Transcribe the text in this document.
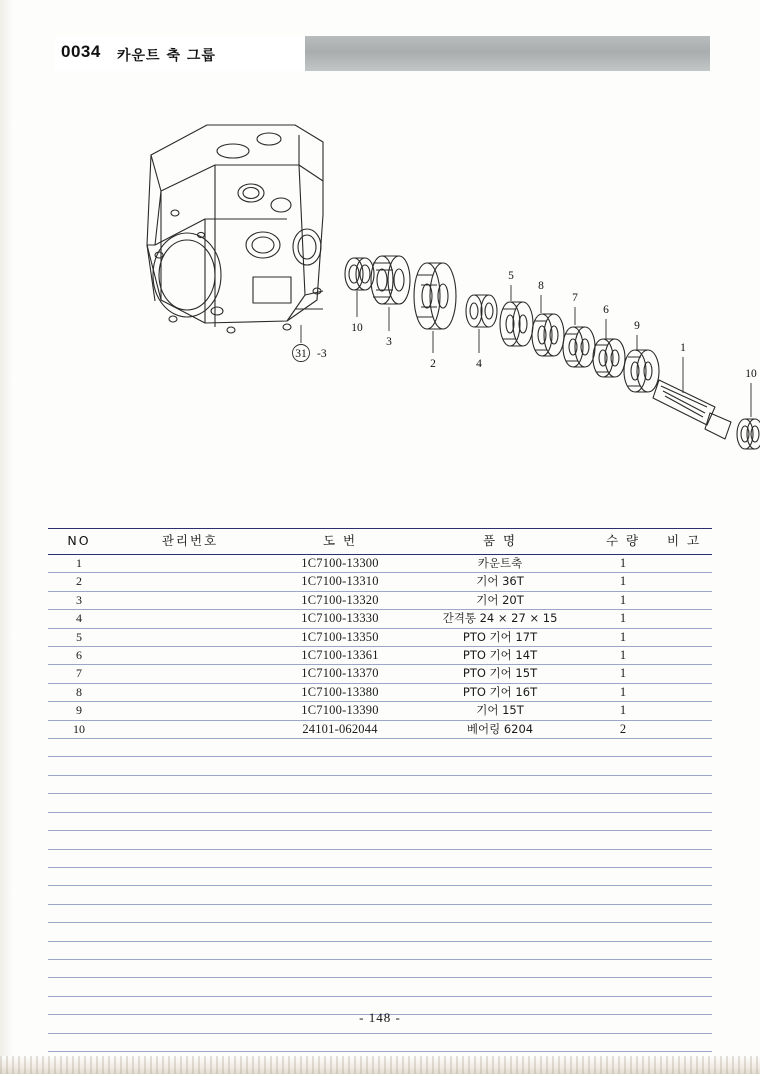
0034 카운트 축 그룹
31
10
3
2	4
5
8
7
6
9
1
10
-3
NO	관리번호	도 번	품 명	수 량	비 고
1		1C7100-13300	카운트축	1	
2		1C7100-13310	기어 36T	1	
3		1C7100-13320	기어 20T	1	
4		1C7100-13330	간격통 24 × 27 × 15	1	
5		1C7100-13350	PTO 기어 17T	1	
6		1C7100-13361	PTO 기어 14T	1	
7		1C7100-13370	PTO 기어 15T	1	
8		1C7100-13380	PTO 기어 16T	1	
9		1C7100-13390	기어 15T	1	
10		24101-062044	베어링 6204	2	

- 148 -
